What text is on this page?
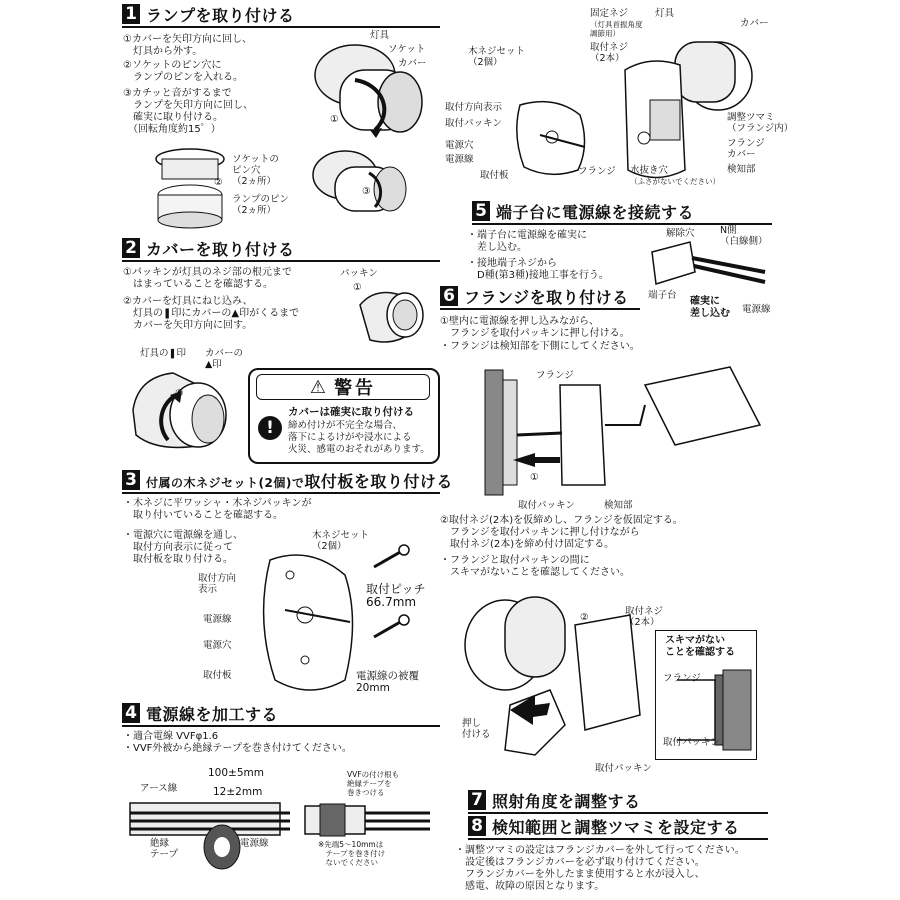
1 ランプを取り付ける
①カバーを矢印方向に回し、
　灯具から外す。
②ソケットのピン穴に
　ランプのピンを入れる。
③カチッと音がするまで
　ランプを矢印方向に回し、
　確実に取り付ける。
　（回転角度約15゜）
灯具
ソケット
カバー
①
②
ソケットの
ピン穴
（2ヵ所）
ランプのピン
（2ヵ所）
③
2 カバーを取り付ける
①パッキンが灯具のネジ部の根元まで
　はまっていることを確認する。
②カバーを灯具にねじ込み、
　灯具の❚印にカバーの▲印がくるまで
　カバーを矢印方向に回す。
パッキン
①
灯具の❚印 カバーの
▲印
②	⚠ 警告
!
カバーは確実に取り付ける
締め付けが不完全な場合、
落下によるけがや浸水による
火災、感電のおそれがあります。
3 付属の木ネジセット(2個)で取付板を取り付ける
・木ネジに平ワッシャ・木ネジパッキンが
　取り付いていることを確認する。
・電源穴に電源線を通し、
　取付方向表示に従って
　取付板を取り付ける。
木ネジセット
（2個）
取付方向
表示
電源線
電源穴
取付板
取付ピッチ
66.7mm
電源線の被覆
20mm
4 電源線を加工する
・適合電線 VVFφ1.6
・VVF外被から絶縁テープを巻き付けてください。
100±5mm
12±2mm
アース線
絶縁
テープ
電源線
VVFの付け根も
絶縁テープを
巻きつける
※先端5～10mmは
　テープを巻き付け
　ないでください
固定ネジ
（灯具首振角度
調節用）
灯具
カバー
木ネジセット
（2個）
取付ネジ
（2本）
取付方向表示
取付パッキン
電源穴
電源線
取付板
調整ツマミ
（フランジ内）
フランジ
カバー
検知部
フランジ 水抜き穴
（ふさがないでください）
5 端子台に電源線を接続する
・端子台に電源線を確実に
　差し込む。
・接地端子ネジから
　D種(第3種)接地工事を行う。
解除穴	N側
（白線側）
端子台
確実に
差し込む 電源線
6 フランジを取り付ける
①壁内に電源線を押し込みながら、
　フランジを取付パッキンに押し付ける。
・フランジは検知部を下側にしてください。
フランジ
①
取付パッキン	検知部
②取付ネジ(2本)を仮締めし、フランジを仮固定する。
　フランジを取付パッキンに押し付けながら
　取付ネジ(2本)を締め付け固定する。
・フランジと取付パッキンの間に
　スキマがないことを確認してください。
②
取付ネジ
（2本）
押し
付ける
取付パッキン
スキマがない
ことを確認する
フランジ
取付パッキン
7 照射角度を調整する
8 検知範囲と調整ツマミを設定する
・調整ツマミの設定はフランジカバーを外して行ってください。
　設定後はフランジカバーを必ず取り付けてください。
　フランジカバーを外したまま使用すると水が浸入し、
　感電、故障の原因となります。
